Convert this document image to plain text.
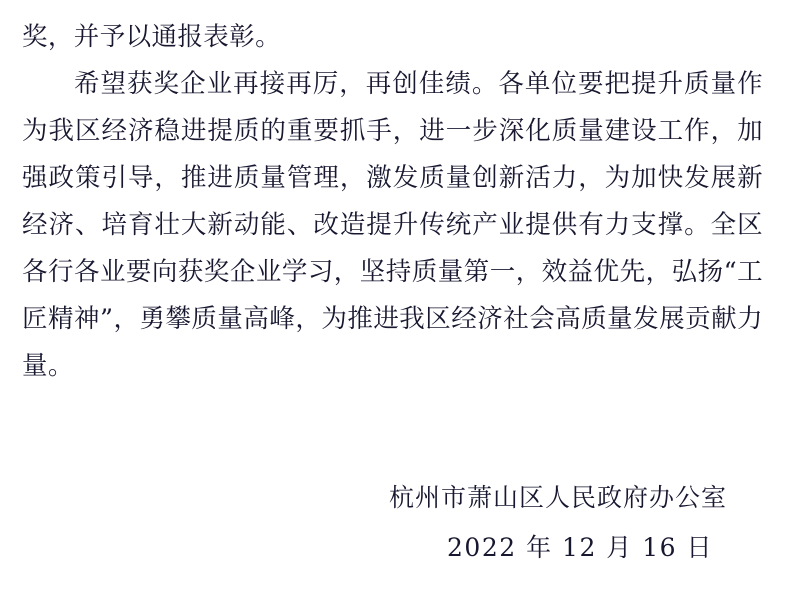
奖，并予以通报表彰。

希望获奖企业再接再厉，再创佳绩。各单位要把提升质量作为我区经济稳进提质的重要抓手，进一步深化质量建设工作，加强政策引导，推进质量管理，激发质量创新活力，为加快发展新经济、培育壮大新动能、改造提升传统产业提供有力支撑。全区各行各业要向获奖企业学习，坚持质量第一，效益优先，弘扬“工匠精神”，勇攀质量高峰，为推进我区经济社会高质量发展贡献力量。

杭州市萧山区人民政府办公室
2022 年 12 月 16 日
